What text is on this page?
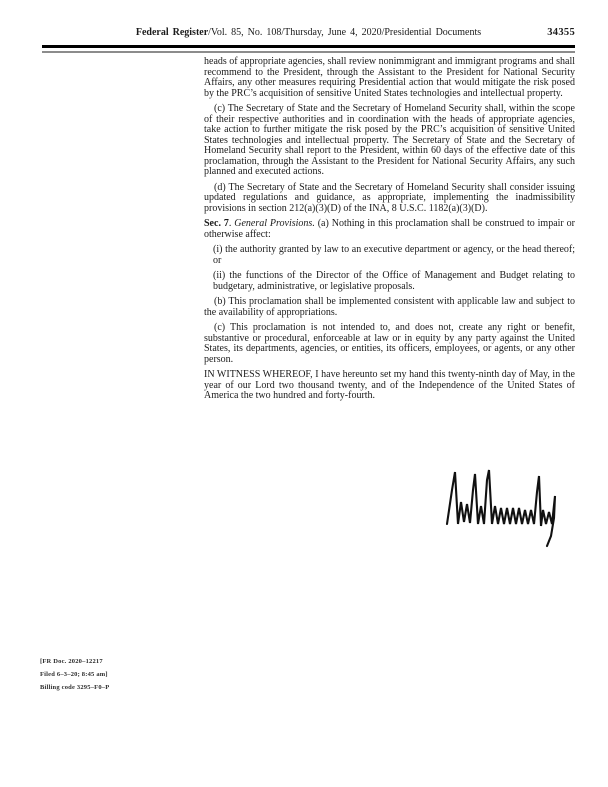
Federal Register/Vol. 85, No. 108/Thursday, June 4, 2020/Presidential Documents	34355

heads of appropriate agencies, shall review nonimmigrant and immigrant programs and shall recommend to the President, through the Assistant to the President for National Security Affairs, any other measures requiring Presidential action that would mitigate the risk posed by the PRC’s acquisition of sensitive United States technologies and intellectual property.

(c) The Secretary of State and the Secretary of Homeland Security shall, within the scope of their respective authorities and in coordination with the heads of appropriate agencies, take action to further mitigate the risk posed by the PRC’s acquisition of sensitive United States technologies and intellectual property. The Secretary of State and the Secretary of Homeland Security shall report to the President, within 60 days of the effective date of this proclamation, through the Assistant to the President for National Security Affairs, any such planned and executed actions.

(d) The Secretary of State and the Secretary of Homeland Security shall consider issuing updated regulations and guidance, as appropriate, implementing the inadmissibility provisions in section 212(a)(3)(D) of the INA, 8 U.S.C. 1182(a)(3)(D).

Sec. 7. General Provisions. (a) Nothing in this proclamation shall be construed to impair or otherwise affect:

(i) the authority granted by law to an executive department or agency, or the head thereof; or

(ii) the functions of the Director of the Office of Management and Budget relating to budgetary, administrative, or legislative proposals.

(b) This proclamation shall be implemented consistent with applicable law and subject to the availability of appropriations.

(c) This proclamation is not intended to, and does not, create any right or benefit, substantive or procedural, enforceable at law or in equity by any party against the United States, its departments, agencies, or entities, its officers, employees, or agents, or any other person.

IN WITNESS WHEREOF, I have hereunto set my hand this twenty-ninth day of May, in the year of our Lord two thousand twenty, and of the Independence of the United States of America the two hundred and forty-fourth.

[FR Doc. 2020–12217
Filed 6–3–20; 8:45 am]
Billing code 3295–F0–P
